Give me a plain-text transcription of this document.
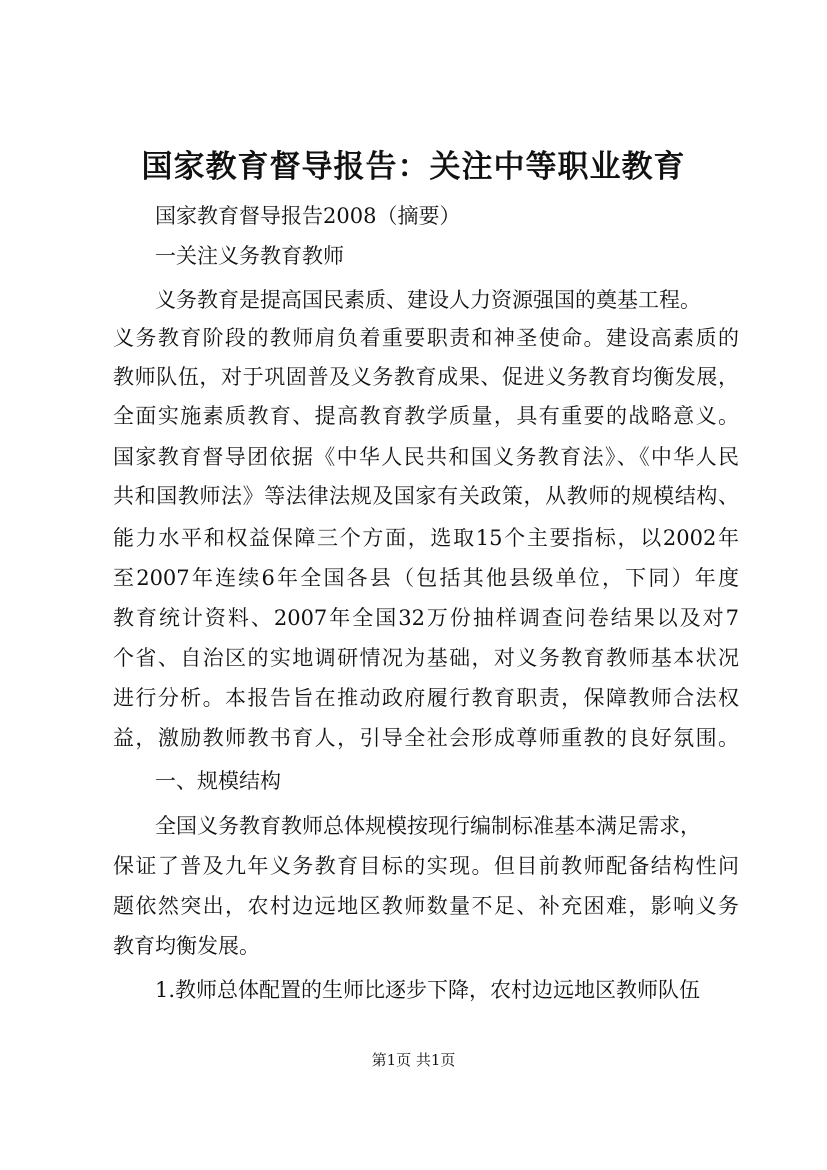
国家教育督导报告：关注中等职业教育
国家教育督导报告2008（摘要）
一关注义务教育教师
义务教育是提高国民素质、建设人力资源强国的奠基工程。
义务教育阶段的教师肩负着重要职责和神圣使命。建设高素质的
教师队伍，对于巩固普及义务教育成果、促进义务教育均衡发展，
全面实施素质教育、提高教育教学质量，具有重要的战略意义。
国家教育督导团依据《中华人民共和国义务教育法》、《中华人民
共和国教师法》等法律法规及国家有关政策，从教师的规模结构、
能力水平和权益保障三个方面，选取15个主要指标，以2002年
至2007年连续6年全国各县（包括其他县级单位，下同）年度
教育统计资料、2007年全国32万份抽样调查问卷结果以及对7
个省、自治区的实地调研情况为基础，对义务教育教师基本状况
进行分析。本报告旨在推动政府履行教育职责，保障教师合法权
益，激励教师教书育人，引导全社会形成尊师重教的良好氛围。
一、规模结构
全国义务教育教师总体规模按现行编制标准基本满足需求，
保证了普及九年义务教育目标的实现。但目前教师配备结构性问
题依然突出，农村边远地区教师数量不足、补充困难，影响义务
教育均衡发展。
1.教师总体配置的生师比逐步下降，农村边远地区教师队伍
第1页 共1页
